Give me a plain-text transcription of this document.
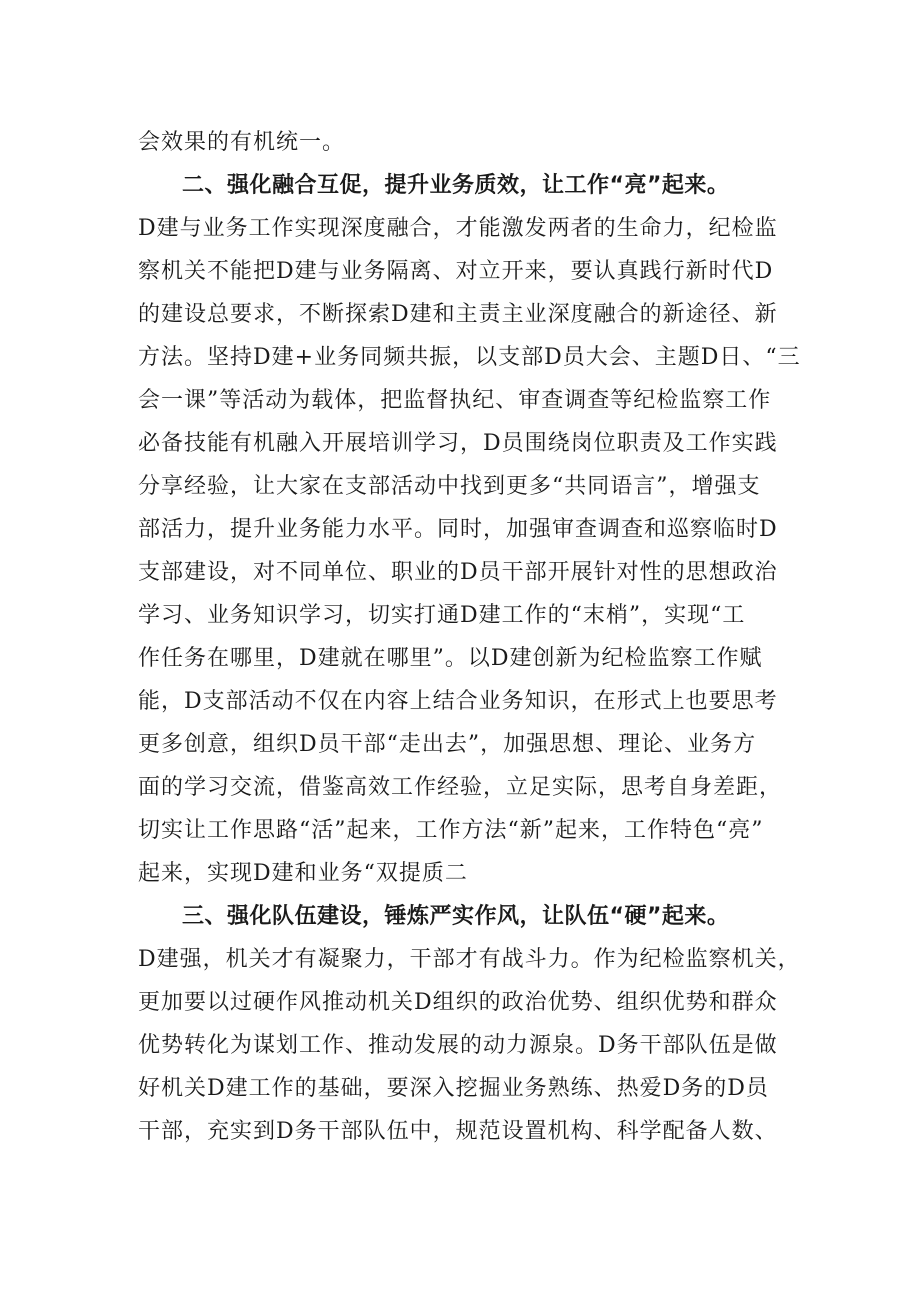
会效果的有机统一。
二、强化融合互促，提升业务质效，让工作“亮”起来。
D建与业务工作实现深度融合，才能激发两者的生命力，纪检监
察机关不能把D建与业务隔离、对立开来，要认真践行新时代D
的建设总要求，不断探索D建和主责主业深度融合的新途径、新
方法。坚持D建+业务同频共振，以支部D员大会、主题D日、“三
会一课”等活动为载体，把监督执纪、审查调查等纪检监察工作
必备技能有机融入开展培训学习，D员围绕岗位职责及工作实践
分享经验，让大家在支部活动中找到更多“共同语言”，增强支
部活力，提升业务能力水平。同时，加强审查调查和巡察临时D
支部建设，对不同单位、职业的D员干部开展针对性的思想政治
学习、业务知识学习，切实打通D建工作的“末梢”，实现“工
作任务在哪里，D建就在哪里”。以D建创新为纪检监察工作赋
能，D支部活动不仅在内容上结合业务知识，在形式上也要思考
更多创意，组织D员干部“走出去”，加强思想、理论、业务方
面的学习交流，借鉴高效工作经验，立足实际，思考自身差距，
切实让工作思路“活”起来，工作方法“新”起来，工作特色“亮”
起来，实现D建和业务“双提质二
三、强化队伍建设，锤炼严实作风，让队伍“硬”起来。
D建强，机关才有凝聚力，干部才有战斗力。作为纪检监察机关，
更加要以过硬作风推动机关D组织的政治优势、组织优势和群众
优势转化为谋划工作、推动发展的动力源泉。D务干部队伍是做
好机关D建工作的基础，要深入挖掘业务熟练、热爱D务的D员
干部，充实到D务干部队伍中，规范设置机构、科学配备人数、
